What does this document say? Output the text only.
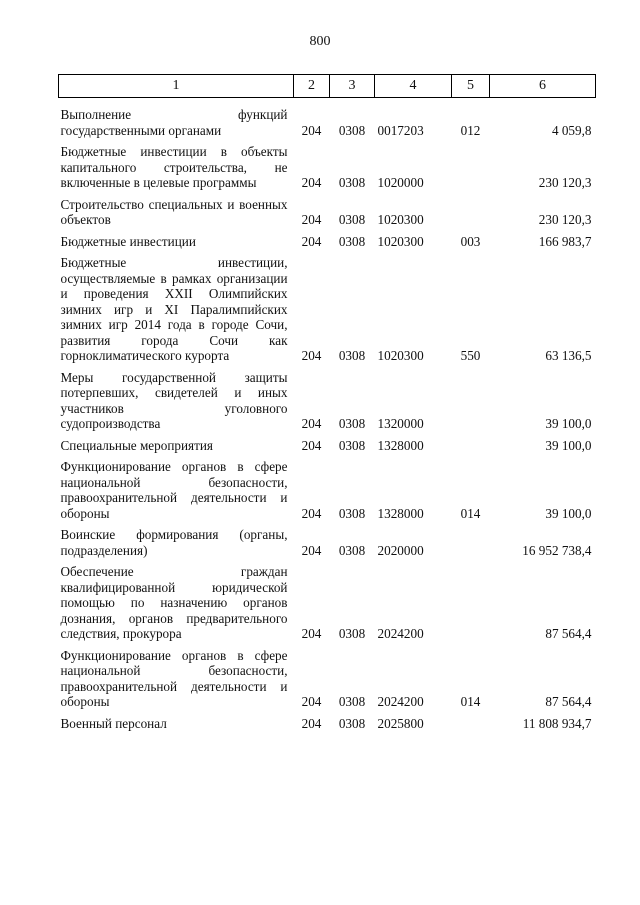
800
1	2	3	4	5	6
Выполнение функций государственными органами	204	0308	0017203	012	4 059,8
Бюджетные инвестиции в объекты капитального строительства, не включенные в целевые программы	204	0308	1020000		230 120,3
Строительство специальных и военных объектов	204	0308	1020300		230 120,3
Бюджетные инвестиции	204	0308	1020300	003	166 983,7
Бюджетные инвестиции, осуществляемые в рамках организации и проведения XXII Олимпийских зимних игр и XI Паралимпийских зимних игр 2014 года в городе Сочи, развития города Сочи как горноклиматического курорта	204	0308	1020300	550	63 136,5
Меры государственной защиты потерпевших, свидетелей и иных участников уголовного судопроизводства	204	0308	1320000		39 100,0
Специальные мероприятия	204	0308	1328000		39 100,0
Функционирование органов в сфере национальной безопасности, правоохранительной деятельности и обороны	204	0308	1328000	014	39 100,0
Воинские формирования (органы, подразделения)	204	0308	2020000		16 952 738,4
Обеспечение граждан квалифицированной юридической помощью по назначению органов дознания, органов предварительного следствия, прокурора	204	0308	2024200		87 564,4
Функционирование органов в сфере национальной безопасности, правоохранительной деятельности и обороны	204	0308	2024200	014	87 564,4
Военный персонал	204	0308	2025800		11 808 934,7
